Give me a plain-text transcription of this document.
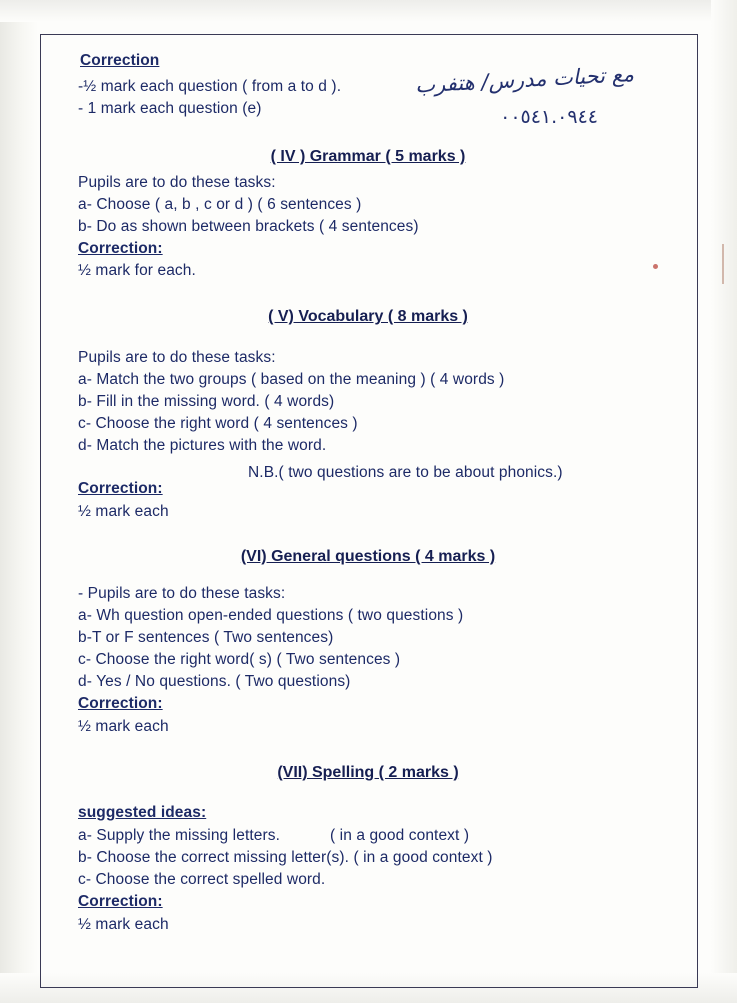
Correction
-½ mark each question ( from a to d ).
- 1 mark each question (e)
مع تحيات مدرس/ هتفرب
٠٠٥٤١.٠٩٤٤
( IV ) Grammar ( 5 marks )
Pupils are to do these tasks:
a- Choose ( a, b , c or d ) ( 6 sentences )
b- Do as shown between brackets ( 4 sentences)
Correction:
½ mark for each.
( V) Vocabulary ( 8 marks )
Pupils are to do these tasks:
a- Match the two groups ( based on the meaning ) ( 4 words )
b- Fill in the missing word. ( 4 words)
c- Choose the right word ( 4 sentences )
d- Match the pictures with the word.
N.B.( two questions are to be about phonics.)
Correction:
½ mark each
(VI) General questions ( 4 marks )
- Pupils are to do these tasks:
a- Wh question open-ended questions ( two questions )
b-T or F sentences ( Two sentences)
c- Choose the right word( s) ( Two sentences )
d- Yes / No questions. ( Two questions)
Correction:
½ mark each
(VII) Spelling ( 2 marks )
suggested ideas:
a- Supply the missing letters.	( in a good context )
b- Choose the correct missing letter(s). ( in a good context )
c- Choose the correct spelled word.
Correction:
½ mark each
